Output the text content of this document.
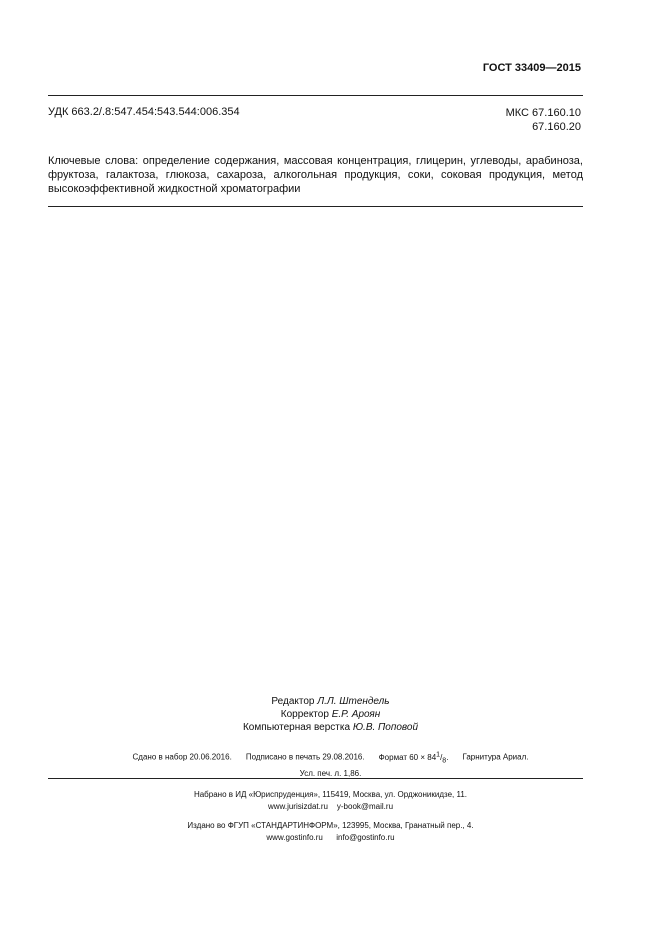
ГОСТ 33409—2015
УДК 663.2/.8:547.454:543.544:006.354	МКС 67.160.10
67.160.20
Ключевые слова: определение содержания, массовая концентрация, глицерин, углеводы, арабиноза, фруктоза, галактоза, глюкоза, сахароза, алкогольная продукция, соки, соковая продукция, метод высокоэффективной жидкостной хроматографии
Редактор Л.Л. Штендель
Корректор Е.Р. Ароян
Компьютерная верстка Ю.В. Поповой
Сдано в набор 20.06.2016. Подписано в печать 29.08.2016. Формат $60 \times 84^1/_8$. Гарнитура Ариал.
Усл. печ. л. 1,86.
Набрано в ИД «Юриспруденция», 115419, Москва, ул. Орджоникидзе, 11.
www.jurisizdat.ru    y-book@mail.ru
Издано во ФГУП «СТАНДАРТИНФОРМ», 123995, Москва, Гранатный пер., 4.
www.gostinfo.ru      info@gostinfo.ru
